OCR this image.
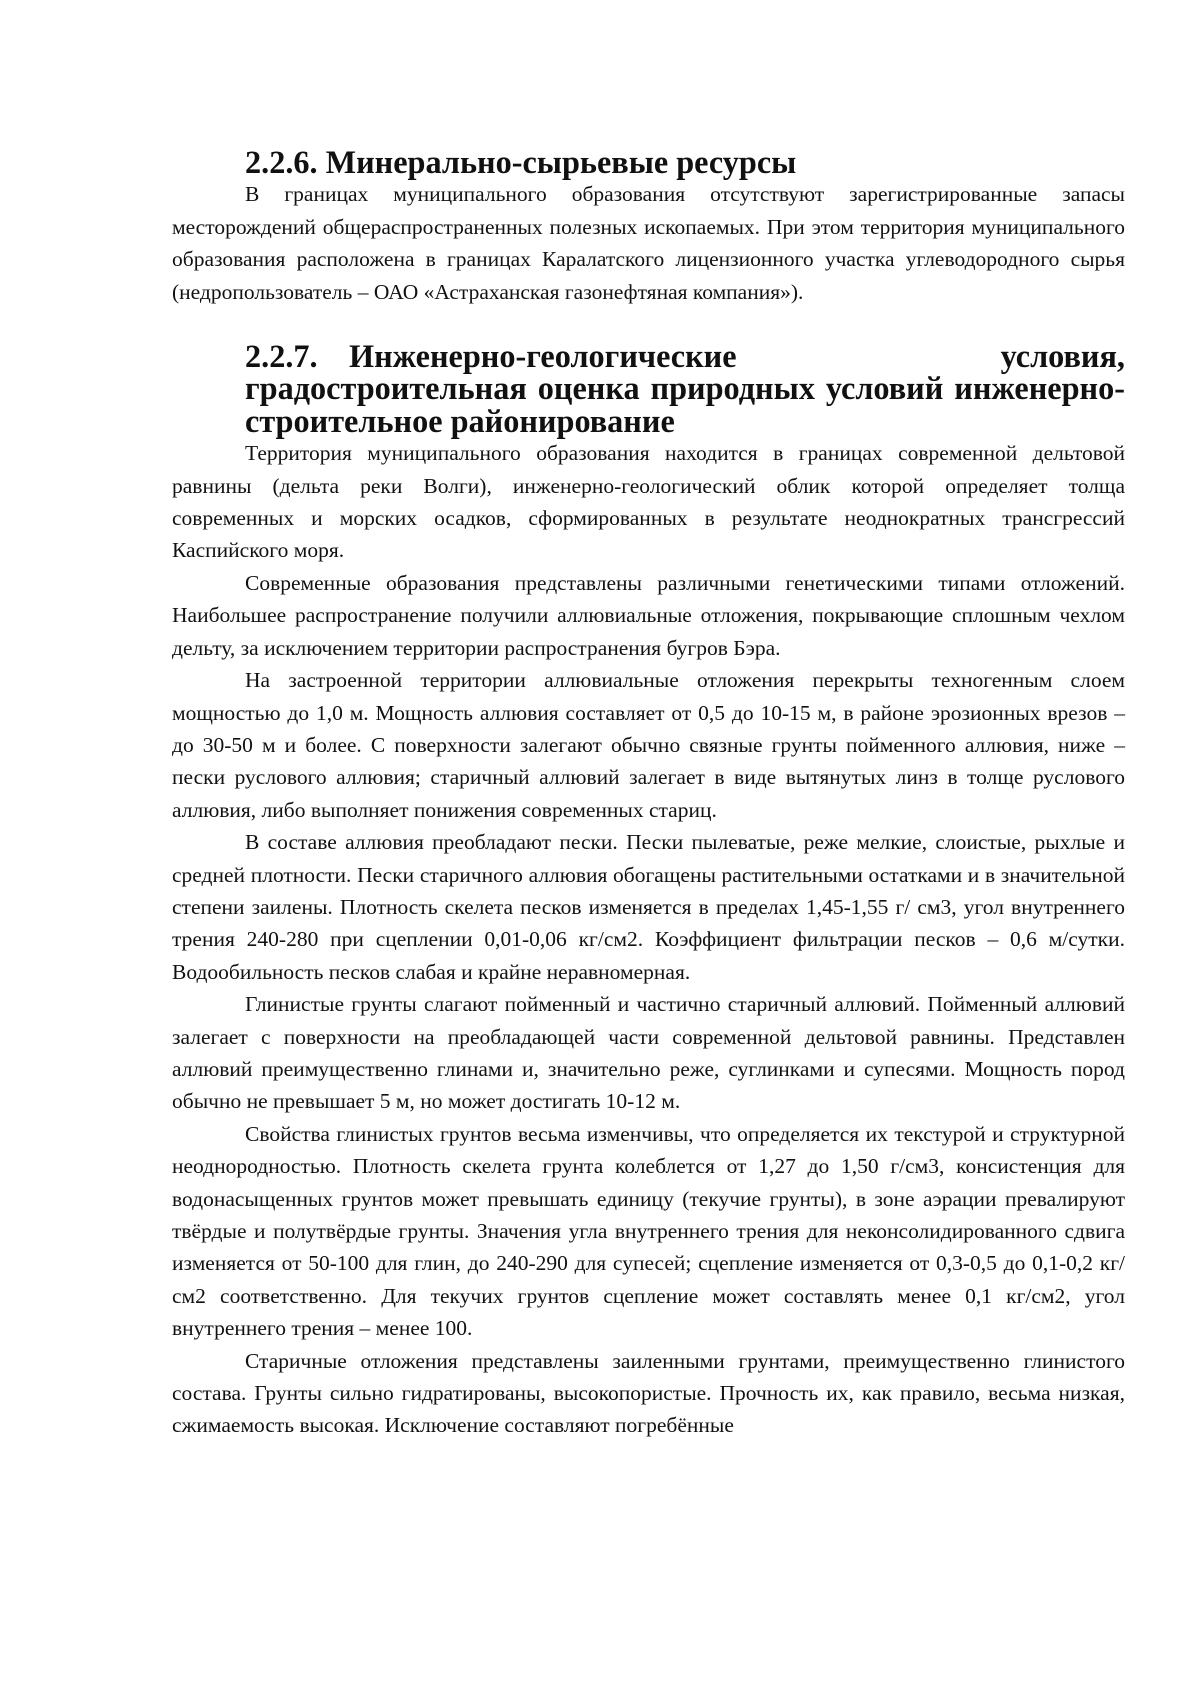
2.2.6. Минерально-сырьевые ресурсы

В границах муниципального образования отсутствуют зарегистрированные запасы месторождений общераспространенных полезных ископаемых. При этом территория муниципального образования расположена в границах Каралатского лицензионного участка углеводородного сырья (недропользователь – ОАО «Астраханская газонефтяная компания»).

2.2.7. Инженерно-геологические условия, градостроительная оценка природных условий инженерно-строительное районирование

Территория муниципального образования находится в границах современной дельтовой равнины (дельта реки Волги), инженерно-геологический облик которой определяет толща современных и морских осадков, сформированных в результате неоднократных трансгрессий Каспийского моря.

Современные образования представлены различными генетическими типами отложений. Наибольшее распространение получили аллювиальные отложения, покрывающие сплошным чехлом дельту, за исключением территории распространения бугров Бэра.

На застроенной территории аллювиальные отложения перекрыты техногенным слоем мощностью до 1,0 м. Мощность аллювия составляет от 0,5 до 10-15 м, в районе эрозионных врезов – до 30-50 м и более. С поверхности залегают обычно связные грунты пойменного аллювия, ниже – пески руслового аллювия; старичный аллювий залегает в виде вытянутых линз в толще руслового аллювия, либо выполняет понижения современных стариц.

В составе аллювия преобладают пески. Пески пылеватые, реже мелкие, слоистые, рыхлые и средней плотности. Пески старичного аллювия обогащены растительными остатками и в значительной степени заилены. Плотность скелета песков изменяется в пределах 1,45-1,55 г/ см3, угол внутреннего трения 240-280 при сцеплении 0,01-0,06 кг/см2. Коэффициент фильтрации песков – 0,6 м/сутки. Водообильность песков слабая и крайне неравномерная.

Глинистые грунты слагают пойменный и частично старичный аллювий. Пойменный аллювий залегает с поверхности на преобладающей части современной дельтовой равнины. Представлен аллювий преимущественно глинами и, значительно реже, суглинками и супесями. Мощность пород обычно не превышает 5 м, но может достигать 10-12 м.

Свойства глинистых грунтов весьма изменчивы, что определяется их текстурой и структурной неоднородностью. Плотность скелета грунта колеблется от 1,27 до 1,50 г/см3, консистенция для водонасыщенных грунтов может превышать единицу (текучие грунты), в зоне аэрации превалируют твёрдые и полутвёрдые грунты. Значения угла внутреннего трения для неконсолидированного сдвига изменяется от 50-100 для глин, до 240-290 для супесей; сцепление изменяется от 0,3-0,5 до 0,1-0,2 кг/см2 соответственно. Для текучих грунтов сцепление может составлять менее 0,1 кг/см2, угол внутреннего трения – менее 100.

Старичные отложения представлены заиленными грунтами, преимущественно глинистого состава. Грунты сильно гидратированы, высокопористые. Прочность их, как правило, весьма низкая, сжимаемость высокая. Исключение составляют погребённые
